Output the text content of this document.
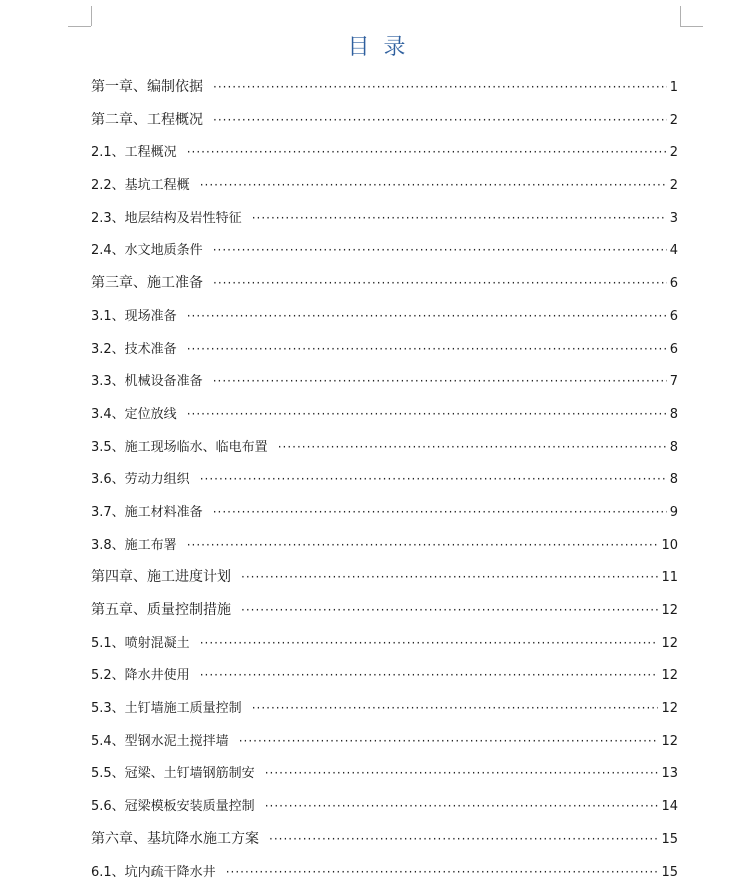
目  录
第一章、编制依据 ·····	1
第二章、工程概况 ·····	2
2.1、工程概况 ·····	2
2.2、基坑工程概 ·····	2
2.3、地层结构及岩性特征 ·····	3
2.4、水文地质条件 ·····	4
第三章、施工准备 ·····	6
3.1、现场准备 ·····	6
3.2、技术准备 ·····	6
3.3、机械设备准备 ·····	7
3.4、定位放线 ·····	8
3.5、施工现场临水、临电布置 ·····	8
3.6、劳动力组织 ·····	8
3.7、施工材料准备 ·····	9
3.8、施工布署 ·····	10
第四章、施工进度计划 ·····	11
第五章、质量控制措施 ·····	12
5.1、喷射混凝土 ·····	12
5.2、降水井使用 ·····	12
5.3、土钉墙施工质量控制 ·····	12
5.4、型钢水泥土搅拌墙 ·····	12
5.5、冠梁、土钉墙钢筋制安 ·····	13
5.6、冠梁模板安装质量控制 ·····	14
第六章、基坑降水施工方案 ·····	15
6.1、坑内疏干降水井 ·····	15
